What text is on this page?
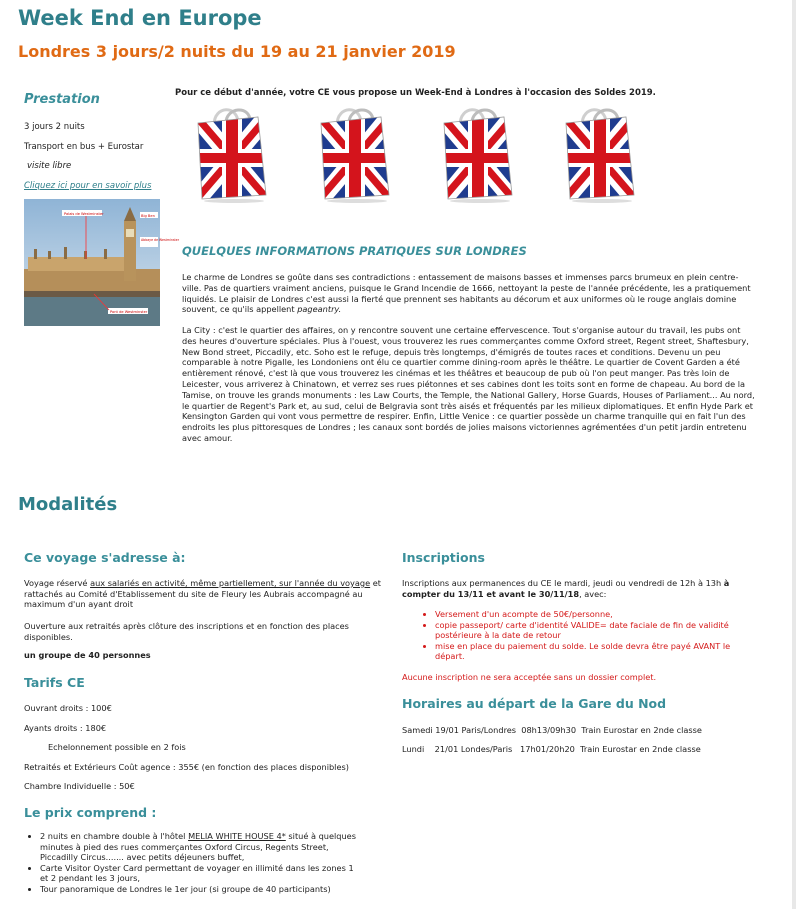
Week End en Europe
Londres 3 jours/2 nuits du 19 au 21 janvier 2019
Prestation
3 jours 2 nuits
Transport en bus + Eurostar
visite libre
Cliquez ici pour en savoir plus
Palais de Westminster	Big Ben
Abbaye de Westminster
Pont de Westminster
Pour ce début d'année, votre CE vous propose un Week-End à Londres à l'occasion des Soldes 2019.
QUELQUES INFORMATIONS PRATIQUES SUR LONDRES
Le charme de Londres se goûte dans ses contradictions : entassement de maisons basses et immenses parcs brumeux en plein centre-ville. Pas de quartiers vraiment anciens, puisque le Grand Incendie de 1666, nettoyant la peste de l'année précédente, les a pratiquement liquidés. Le plaisir de Londres c'est aussi la fierté que prennent ses habitants au décorum et aux uniformes où le rouge anglais domine souvent, ce qu'ils appellent pageantry.
La City : c'est le quartier des affaires, on y rencontre souvent une certaine effervescence. Tout s'organise autour du travail, les pubs ont des heures d'ouverture spéciales. Plus à l'ouest, vous trouverez les rues commerçantes comme Oxford street, Regent street, Shaftesbury, New Bond street, Piccadily, etc. Soho est le refuge, depuis très longtemps, d'émigrés de toutes races et conditions. Devenu un peu comparable à notre Pigalle, les Londoniens ont élu ce quartier comme dining-room après le théâtre. Le quartier de Covent Garden a été entièrement rénové, c'est là que vous trouverez les cinémas et les théâtres et beaucoup de pub où l'on peut manger. Pas très loin de Leicester, vous arriverez à Chinatown, et verrez ses rues piétonnes et ses cabines dont les toits sont en forme de chapeau. Au bord de la Tamise, on trouve les grands monuments : les Law Courts, the Temple, the National Gallery, Horse Guards, Houses of Parliament... Au nord, le quartier de Regent's Park et, au sud, celui de Belgravia sont très aisés et fréquentés par les milieux diplomatiques. Et enfin Hyde Park et Kensington Garden qui vont vous permettre de respirer. Enfin, Little Venice : ce quartier possède un charme tranquille qui en fait l'un des endroits les plus pittoresques de Londres ; les canaux sont bordés de jolies maisons victoriennes agrémentées d'un petit jardin entretenu avec amour.
Modalités
Ce voyage s'adresse à:
Voyage réservé aux salariés en activité, même partiellement, sur l'année du voyage et rattachés au Comité d'Etablissement du site de Fleury les Aubrais accompagné au maximum d'un ayant droit
Ouverture aux retraités après clôture des inscriptions et en fonction des places disponibles.
un groupe de 40 personnes
Tarifs CE
Ouvrant droits : 100€
Ayants droits : 180€
Echelonnement possible en 2 fois
Retraités et Extérieurs Coût agence : 355€ (en fonction des places disponibles)
Chambre Individuelle : 50€
Le prix comprend :
• 2 nuits en chambre double à l'hôtel MELIA WHITE HOUSE 4* situé à quelques minutes à pied des rues commerçantes Oxford Circus, Regents Street, Piccadilly Circus....... avec petits déjeuners buffet,
• Carte Visitor Oyster Card permettant de voyager en illimité dans les zones 1 et 2 pendant les 3 jours,
• Tour panoramique de Londres le 1er jour (si groupe de 40 participants)
Inscriptions
Inscriptions aux permanences du CE le mardi, jeudi ou vendredi de 12h à 13h à compter du 13/11 et avant le 30/11/18, avec:
• Versement d'un acompte de 50€/personne,
• copie passeport/ carte d'identité VALIDE= date faciale de fin de validité postérieure à la date de retour
• mise en place du paiement du solde. Le solde devra être payé AVANT le départ.
Aucune inscription ne sera acceptée sans un dossier complet.
Horaires au départ de la Gare du Nod
Samedi 19/01 Paris/Londres  08h13/09h30  Train Eurostar en 2nde classe
Lundi    21/01 Londes/Paris   17h01/20h20  Train Eurostar en 2nde classe
